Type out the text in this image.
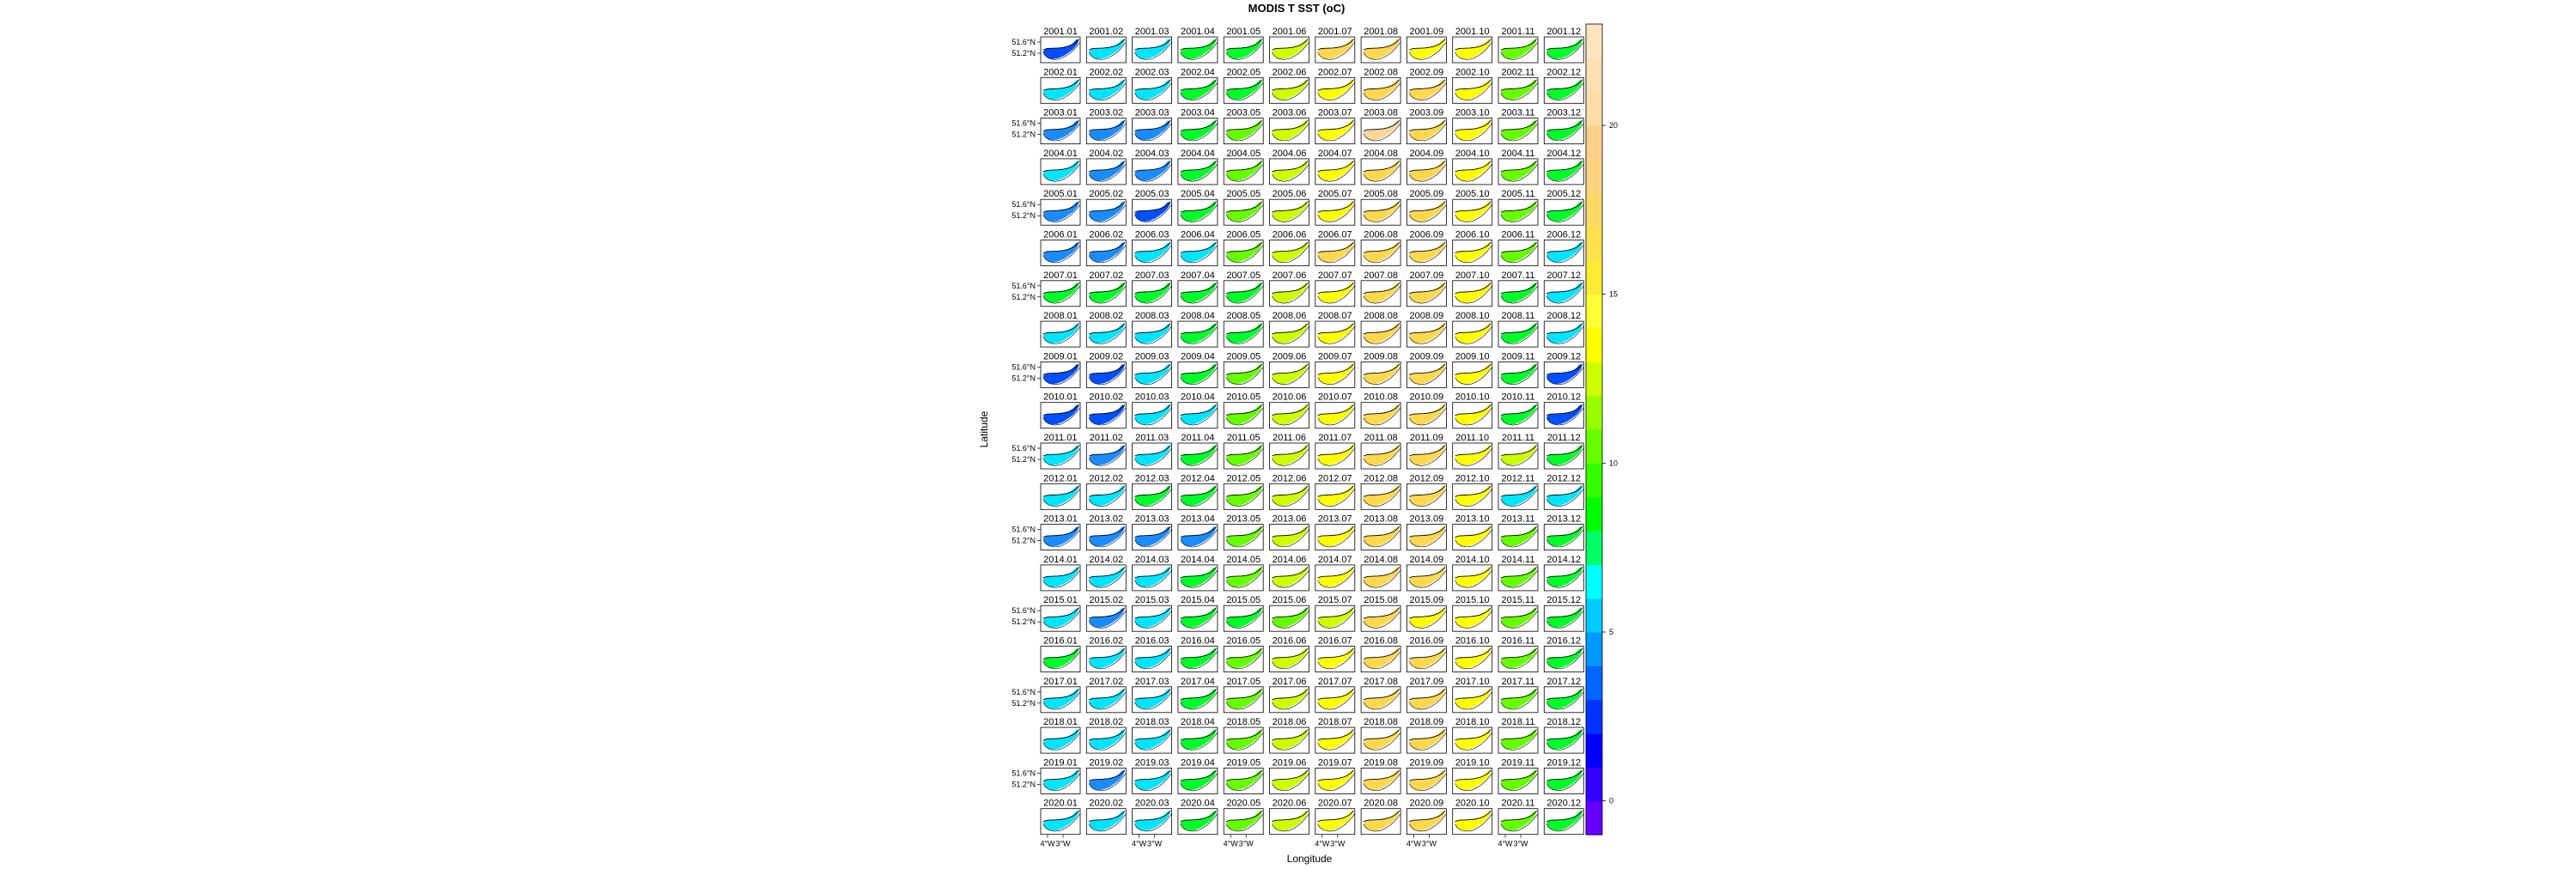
MODIS T SST (oC)
2001.01 2001.02 2001.03 2001.04 2001.05 2001.06 2001.07 2001.08 2001.09 2001.10 2001.11 2001.12
2002.01 2002.02 2002.03 2002.04 2002.05 2002.06 2002.07 2002.08 2002.09 2002.10 2002.11 2002.12
2003.01 2003.02 2003.03 2003.04 2003.05 2003.06 2003.07 2003.08 2003.09 2003.10 2003.11 2003.12
2004.01 2004.02 2004.03 2004.04 2004.05 2004.06 2004.07 2004.08 2004.09 2004.10 2004.11 2004.12
2005.01 2005.02 2005.03 2005.04 2005.05 2005.06 2005.07 2005.08 2005.09 2005.10 2005.11 2005.12
2006.01 2006.02 2006.03 2006.04 2006.05 2006.06 2006.07 2006.08 2006.09 2006.10 2006.11 2006.12
2007.01 2007.02 2007.03 2007.04 2007.05 2007.06 2007.07 2007.08 2007.09 2007.10 2007.11 2007.12
2008.01 2008.02 2008.03 2008.04 2008.05 2008.06 2008.07 2008.08 2008.09 2008.10 2008.11 2008.12
2009.01 2009.02 2009.03 2009.04 2009.05 2009.06 2009.07 2009.08 2009.09 2009.10 2009.11 2009.12
2010.01 2010.02 2010.03 2010.04 2010.05 2010.06 2010.07 2010.08 2010.09 2010.10 2010.11 2010.12
2011.01 2011.02 2011.03 2011.04 2011.05 2011.06 2011.07 2011.08 2011.09 2011.10 2011.11 2011.12
2012.01 2012.02 2012.03 2012.04 2012.05 2012.06 2012.07 2012.08 2012.09 2012.10 2012.11 2012.12
2013.01 2013.02 2013.03 2013.04 2013.05 2013.06 2013.07 2013.08 2013.09 2013.10 2013.11 2013.12
2014.01 2014.02 2014.03 2014.04 2014.05 2014.06 2014.07 2014.08 2014.09 2014.10 2014.11 2014.12
2015.01 2015.02 2015.03 2015.04 2015.05 2015.06 2015.07 2015.08 2015.09 2015.10 2015.11 2015.12
2016.01 2016.02 2016.03 2016.04 2016.05 2016.06 2016.07 2016.08 2016.09 2016.10 2016.11 2016.12
2017.01 2017.02 2017.03 2017.04 2017.05 2017.06 2017.07 2017.08 2017.09 2017.10 2017.11 2017.12
2018.01 2018.02 2018.03 2018.04 2018.05 2018.06 2018.07 2018.08 2018.09 2018.10 2018.11 2018.12
2019.01 2019.02 2019.03 2019.04 2019.05 2019.06 2019.07 2019.08 2019.09 2019.10 2019.11 2019.12
2020.01 2020.02 2020.03 2020.04 2020.05 2020.06 2020.07 2020.08 2020.09 2020.10 2020.11 2020.12
51.6°N
51.2°N
51.6°N
51.2°N
51.6°N
51.2°N
51.6°N
51.2°N
51.6°N
51.2°N
51.6°N
51.2°N
51.6°N
51.2°N
51.6°N
51.2°N
51.6°N
51.2°N
51.6°N
51.2°N
4°W 3°W	4°W 3°W	4°W 3°W	4°W 3°W	4°W 3°W	4°W 3°W
Latitude
Longitude
0
5
10
15
20
